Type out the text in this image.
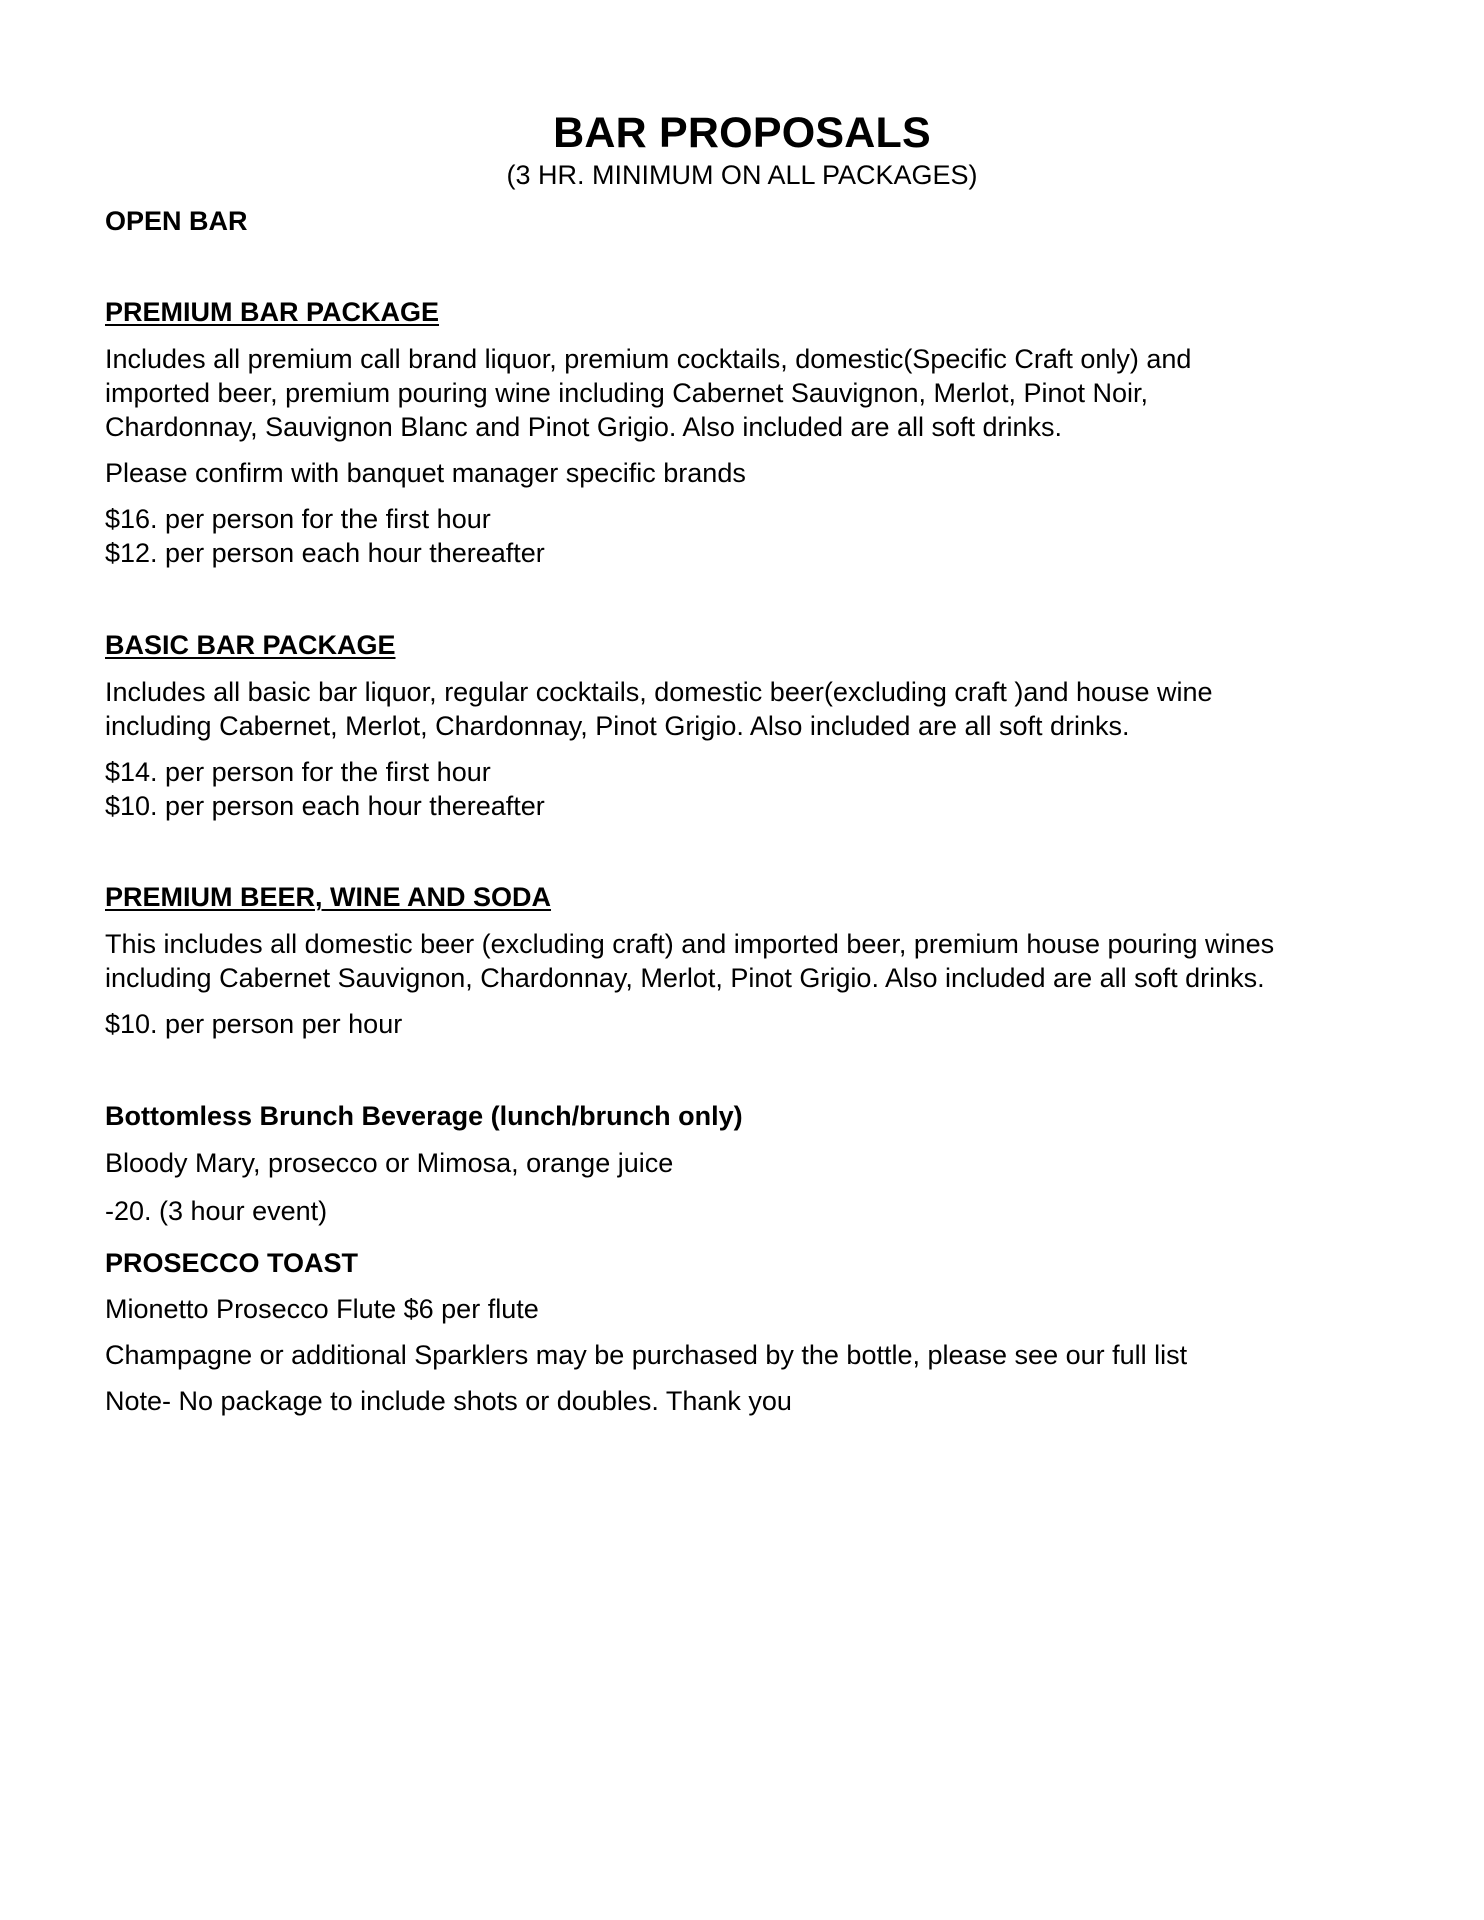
BAR PROPOSALS
(3 HR. MINIMUM ON ALL PACKAGES)
OPEN BAR
PREMIUM BAR PACKAGE
Includes all premium call brand liquor, premium cocktails, domestic(Specific Craft only) and
imported beer, premium pouring wine including Cabernet Sauvignon, Merlot, Pinot Noir,
Chardonnay, Sauvignon Blanc and Pinot Grigio. Also included are all soft drinks.
Please confirm with banquet manager specific brands
$16. per person for the first hour
$12. per person each hour thereafter
BASIC BAR PACKAGE
Includes all basic bar liquor, regular cocktails, domestic beer(excluding craft )and house wine
including Cabernet, Merlot, Chardonnay, Pinot Grigio. Also included are all soft drinks.
$14. per person for the first hour
$10. per person each hour thereafter
PREMIUM BEER, WINE AND SODA
This includes all domestic beer (excluding craft) and imported beer, premium house pouring wines
including Cabernet Sauvignon, Chardonnay, Merlot, Pinot Grigio. Also included are all soft drinks.
$10. per person per hour
Bottomless Brunch Beverage (lunch/brunch only)
Bloody Mary, prosecco or Mimosa, orange juice
-20. (3 hour event)
PROSECCO TOAST
Mionetto Prosecco Flute $6 per flute
Champagne or additional Sparklers may be purchased by the bottle, please see our full list
Note- No package to include shots or doubles. Thank you
